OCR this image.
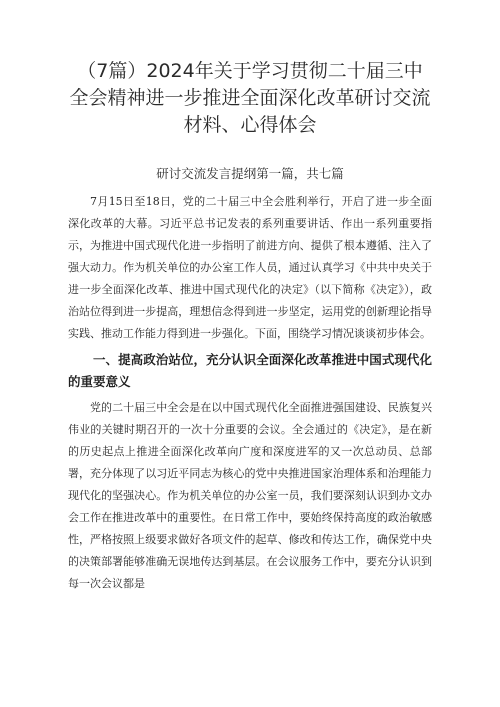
（7篇）2024年关于学习贯彻二十届三中全会精神进一步推进全面深化改革研讨交流材料、心得体会
研讨交流发言提纲第一篇，共七篇

7月15日至18日，党的二十届三中全会胜利举行，开启了进一步全面深化改革的大幕。习近平总书记发表的系列重要讲话、作出一系列重要指示，为推进中国式现代化进一步指明了前进方向、提供了根本遵循、注入了强大动力。作为机关单位的办公室工作人员，通过认真学习《中共中央关于进一步全面深化改革、推进中国式现代化的决定》（以下简称《决定》），政治站位得到进一步提高，理想信念得到进一步坚定，运用党的创新理论指导实践、推动工作能力得到进一步强化。下面，围绕学习情况谈谈初步体会。

一、提高政治站位，充分认识全面深化改革推进中国式现代化的重要意义

党的二十届三中全会是在以中国式现代化全面推进强国建设、民族复兴伟业的关键时期召开的一次十分重要的会议。全会通过的《决定》，是在新的历史起点上推进全面深化改革向广度和深度进军的又一次总动员、总部署，充分体现了以习近平同志为核心的党中央推进国家治理体系和治理能力现代化的坚强决心。作为机关单位的办公室一员，我们要深刻认识到办文办会工作在推进改革中的重要性。在日常工作中，要始终保持高度的政治敏感性，严格按照上级要求做好各项文件的起草、修改和传达工作，确保党中央的决策部署能够准确无误地传达到基层。在会议服务工作中，要充分认识到每一次会议都是
